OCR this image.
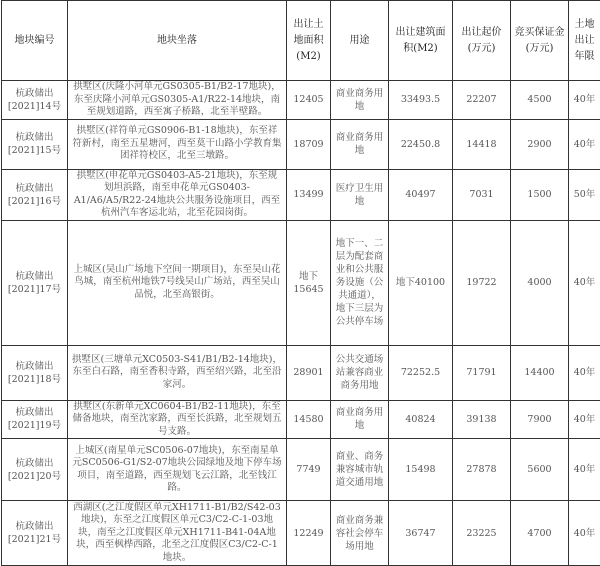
地块编号	地块坐落	出让土地面积(M2)	用途	出让建筑面积(M2)	出让起价(万元)	竞买保证金(万元)	土地出让年限
杭政储出[2021]14号	拱墅区(庆隆小河单元GS0305-B1/B2-17地块)，东至庆隆小河单元GS0305-A1/R22-14地块，南至规划道路，西至寓子桥路，北至半壁路。	12405	商业商务用地	33493.5	22207	4500	40年
杭政储出[2021]15号	拱墅区(祥符单元GS0906-B1-18地块)，东至祥符新村，南至五星塘河，西至莫干山路小学教育集团祥符校区，北至三墩路。	18709	商业商务用地	22450.8	14418	2900	40年
杭政储出[2021]16号	拱墅区(申花单元GS0403-A5-21地块)，东至规划坦浜路，南至申花单元GS0403-A1/A6/A5/R22-24地块公共服务设施项目，西至杭州汽车客运北站，北至花园岗街。	13499	医疗卫生用地	40497	7031	1500	50年
杭政储出[2021]17号	上城区(吴山广场地下空间一期项目)，东至吴山花鸟城，南至杭州地铁7号线吴山广场站，西至吴山品悦，北至高银街。	地下15645	地下一、二层为配套商业和公共服务设施（公共通道），地下三层为公共停车场	地下40100	19722	4000	40年
杭政储出[2021]18号	拱墅区(三塘单元XC0503-S41/B1/B2-14地块)，东至白石路，南至香积寺路，西至绍兴路，北至沿家河。	28901	公共交通场站兼容商业商务用地	72252.5	71791	14400	40年
杭政储出[2021]19号	拱墅区(东新单元XC0604-B1/B2-11地块)，东至储备地块，南至沈家路，西至长浜路，北至规划五号支路。	14580	商业商务用地	40824	39138	7900	40年
杭政储出[2021]20号	上城区(南星单元SC0506-07地块)，东至南星单元SC0506-G1/S2-07地块公园绿地及地下停车场项目，南至道路，西至规划飞云江路，北至钱江路。	7749	商业、商务兼容城市轨道交通用地	15498	27878	5600	40年
杭政储出[2021]21号	西湖区(之江度假区单元XH1711-B1/B2/S42-03地块)，东至之江度假区单元C3/C2-C-1-03地块，南至之江度假区单元XH1711-B41-04A地块，西至枫桦西路，北至之江度假区C3/C2-C-1地块。	12249	商业商务兼容社会停车场用地	36747	23225	4700	40年
